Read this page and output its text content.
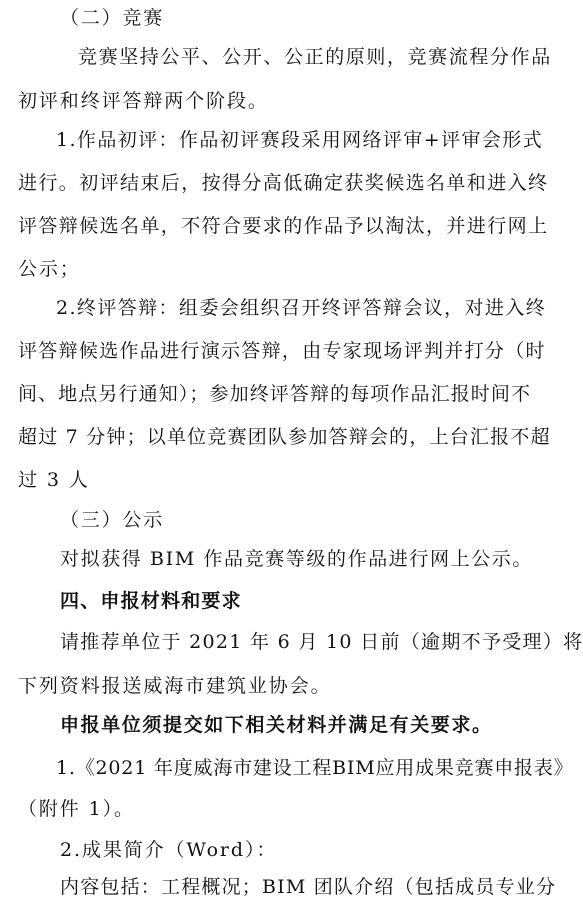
（二）竞赛
竞赛坚持公平、公开、公正的原则，竞赛流程分作品
初评和终评答辩两个阶段。
1.作品初评：作品初评赛段采用网络评审+评审会形式
进行。初评结束后，按得分高低确定获奖候选名单和进入终
评答辩候选名单，不符合要求的作品予以淘汰，并进行网上
公示；
2.终评答辩：组委会组织召开终评答辩会议，对进入终
评答辩候选作品进行演示答辩，由专家现场评判并打分（时
间、地点另行通知）；参加终评答辩的每项作品汇报时间不
超过 7 分钟；以单位竞赛团队参加答辩会的，上台汇报不超
过 3 人
（三）公示
对拟获得 BIM 作品竞赛等级的作品进行网上公示。
四、申报材料和要求
请推荐单位于 2021 年 6 月 10 日前（逾期不予受理）将
下列资料报送威海市建筑业协会。
申报单位须提交如下相关材料并满足有关要求。
1.《2021 年度威海市建设工程BIM应用成果竞赛申报表》
（附件 1）。
2.成果简介（Word）：
内容包括：工程概况；BIM 团队介绍（包括成员专业分
